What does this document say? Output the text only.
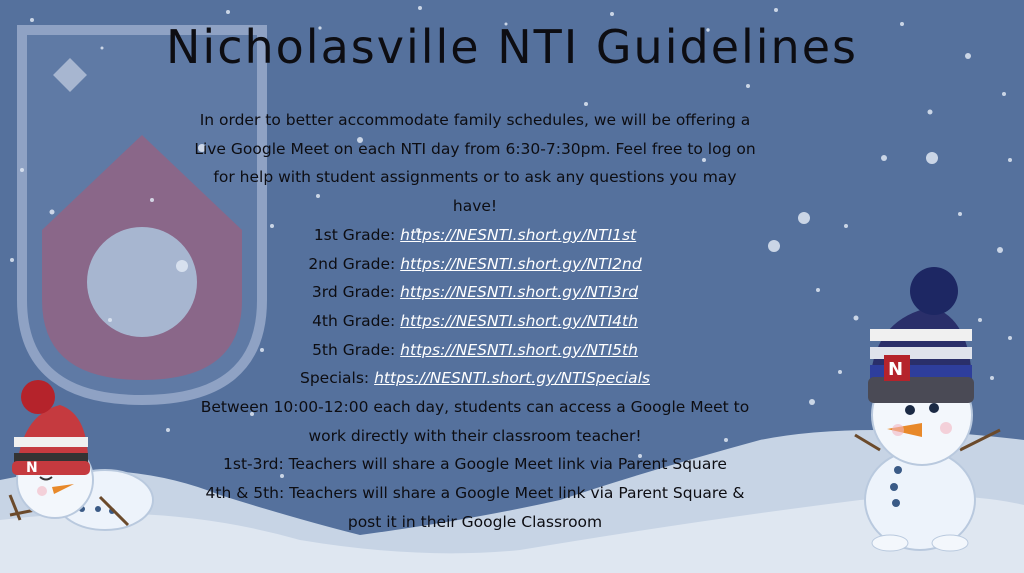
N
N
Nicholasville NTI Guidelines
In order to better accommodate family schedules, we will be offering a
Live Google Meet on each NTI day from 6:30-7:30pm. Feel free to log on
for help with student assignments or to ask any questions you may
have!
1st Grade: https://NESNTI.short.gy/NTI1st
2nd Grade: https://NESNTI.short.gy/NTI2nd
3rd Grade: https://NESNTI.short.gy/NTI3rd
4th Grade: https://NESNTI.short.gy/NTI4th
5th Grade: https://NESNTI.short.gy/NTI5th
Specials: https://NESNTI.short.gy/NTISpecials
Between 10:00-12:00 each day, students can access a Google Meet to
work directly with their classroom teacher!
1st-3rd: Teachers will share a Google Meet link via Parent Square
4th & 5th: Teachers will share a Google Meet link via Parent Square &
post it in their Google Classroom
